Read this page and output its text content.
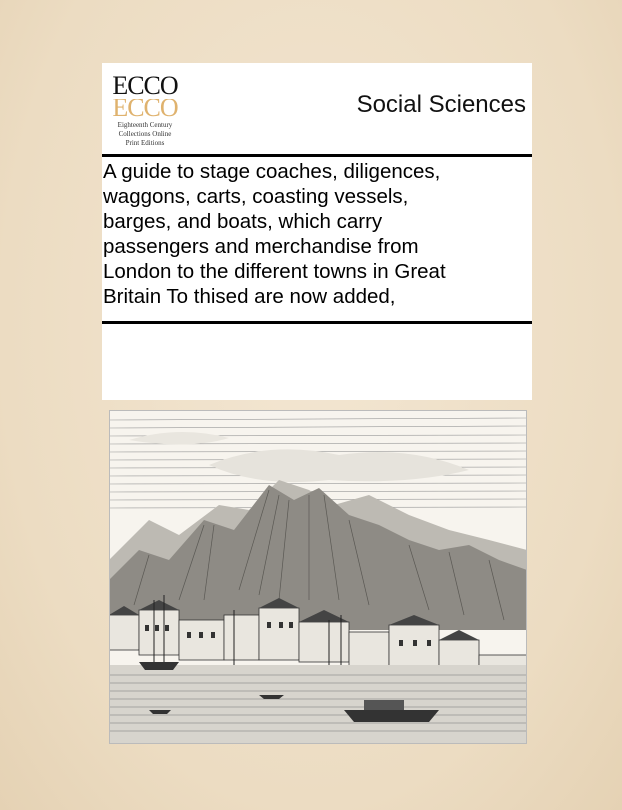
ECCO
ECCO
Eighteenth Century
Collections Online
Print Editions
Social Sciences
A guide to stage coaches, diligences,
waggons, carts, coasting vessels,
barges, and boats, which carry
passengers and merchandise from
London to the different towns in Great
Britain To thised are now added,
